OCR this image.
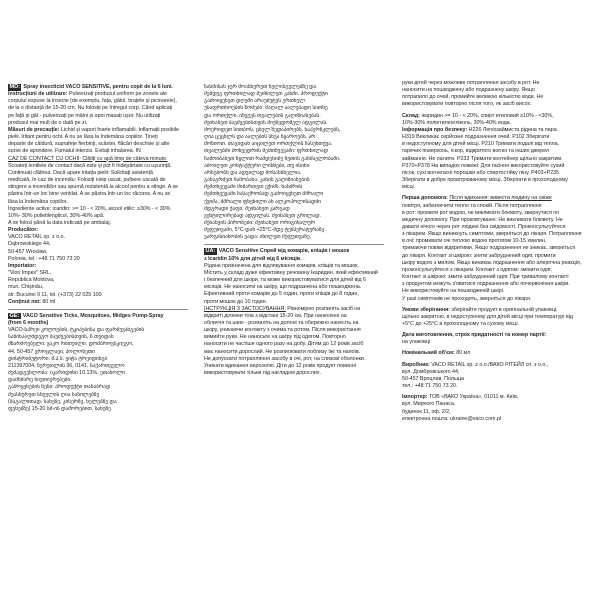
MD: Spray insecticid VACO SENSITIVE, pentru copii de la 6 luni.

Instrucțiuni de utilizare: Pulverizați produsul uniform pe zonele ale

corpului expuse la insecte (de exemplu, fața, gâtul, brațele și picioarele),
de la o distanță de 15-20 cm. Nu folosiți pe întregul corp. Când aplicați
pe față și gât - pulverizați pe mâini și apoi masați ușor. Nu utilizați
produsul mai mult de o dată pe zi.

Măsuri de precauție: Lichid și vapori foarte inflamabili. Inflamații posibile

pielii. Iritant pentru ochi. A nu se lăsa la îndemâna copiilor. Țineți
departe de căldură, suprafețe fierbinți, scântei, flăcări deschise și alte
surse de aprindere. Fumatul interzis. Evitați inhalarea. ÎN
CAZ DE CONTACT CU OCHII: Clătiți cu apă timp de câteva minute.
Scoateți lentilele de contact dacă este și pot fi îndepărtate cu ușurință.
Continuați clătirea. Dacă apare iritația pielii: Solicitați asistență
medicală. În caz de incendiu: Folosiți nisip uscat, pulbere uscată de
stingere a incendiilor sau spumă rezistentă la alcool pentru a stinge. A se
păstra într-un loc bine ventilat. A se păstra într-un loc răcoros. A nu se
lăsa la îndemâna copiilor.
Ingrediente active: icaridin: >= 10 - < 20%, alcool etilic: ≥30% - < 30%
10%- 30% polietilenglicol, 30%-40% apă.
A se folosi până la data indicată pe ambalaj.
Producător:
VACO RETAIL sp. z o.o.
Dąbrowskiego 44,
50-457 Wrocław,
Polonia, tel.: +48 71 750 73 20
Importator:
"Viori Impex" SRL,
Republica Moldova,
mun. Chișinău,
str. Bucuriei 9 11, tel. (+373) 22 025 100

Conținut net: 80 ml

GE: VACO Sensitive Ticks, Mosquitoes, Midges Pump-Spray

(from 6 months)
VACO-სპრეი კოღოების, ტკიპებისა და ფარშევანგების
საწინააღმდეგო ბავშვებისთვის, 6 თვიდან
მწარმოებელი: ვაკო რითეილი, დომბროვსკიეგო,
44, 50-457 ვროცლავი, პოლონეთი
დისტრიბუტორი: შ.პ.ს. ვიტა ტრეიდინგი
211397004, წერეთლის 36, 0141, საქართველო
შემადგენლობა: იკარიდინი 10.13%, ეთანოლი
დამხმარე ნივთიერებები.
გამოყენების წესი: პროდუქტი თანაბრად
შეასხურეთ სხეულის ღია ნაწილებზე
(მაგალითად, სახეზე, კისერზე, ხელებზე და
ფეხებზე) 15-20 სმ-ის დაშორებით. სახეზე
წასმისას ჯერ მოასხურეთ ხელისგულებზე და
შემდეგ ფრთხილად შეიზილეთ კანში. პროდუქტი
გამოიყენეთ დღეში არაუმეტეს ერთხელ.
უსაფრთხოების ზომები: მაღალ აალებადი სითხე
და ორთქლი. იწვევს თვალების გაღიზიანებას.
შეინახეთ ბავშვებისთვის მიუწვდომელ ადგილას.
მოერიდეთ სითბოს, ცხელ ზედაპირებს, ნაპერწკლებს,
ღია ცეცხლს და აალების სხვა წყაროებს. არ
მოწიოთ. თავიდან აიცილეთ ორთქლის ჩასუნთქვა.
თვალებში მოხვედრის შემთხვევაში: ფრთხილად
ჩამოიბანეთ წყლით რამდენიმე წუთის განმავლობაში.
ამოიღეთ კონტაქტური ლინზები, თუ ისინი
არსებობს და ადვილად მოსახსნელია.
განაგრძეთ ჩამობანა. კანის გაღიზიანების
შემთხვევაში მიმართეთ ექიმს. ხანძრის
შემთხვევაში ჩასაქრობად გამოიყენეთ მშრალი
ქვიშა, მშრალი ფხვნილი ან ალკოჰოლისადმი
მდგრადი ქაფი. შეინახეთ კარგად
ვენტილირებად ადგილას. შეინახეთ გრილად.
შენახვის პირობები: შეინახეთ ორიგინალურ
შეფუთვაში, 5°C-დან +25°C-მდე ტემპერატურაზე.
ვარგისიანობის ვადა: იხილეთ შეფუთვაზე.

UA: VACO Sensitive Спрей від комарів, кліщів і мошок

з Icaridin 10% для дітей від 6 місяців.
Рідина призначена для відлякування комарів, кліщів та мошок.
Містить у складі дуже ефективну речовину Ікаридин, який ефективний
і безпечний для шкіри, та може використовуватися для дітей від 6
місяців. Не наносити на шкіру, що подразнена або пошкоджена.
Ефективний проти комарів до 5 годин, проти кліщів до 8 годин,
проти мошок до 10 годин.

ІНСТРУКЦІЯ З ЗАСТОСУВАННЯ: Рівномірно розпиліть засіб на

відкриті ділянки тіла з відстані 15-20 см. При нанесенні на
обличчя та шию - розпиліть на долоні та обережно нанесіть на
шкіру, уникаючи контакту з очима та ротом. Після використання
вимийте руки. Не наносьте на шкіру під одягом. Повторно
наносити не частіше одного разу на добу. Дітям до 12 років засіб
має наносити дорослий. Не розпилювати поблизу їжі та напоїв.
Не допускати потрапляння засобу в очі, рот, на слизові оболонки.
Уникати вдихання аерозолю. Діти до 12 років продукт повинні
використовувати тільки під наглядом дорослих.
руки дітей через можливе потрапляння засобу в рот. Не
наносити на пошкоджену або подразнену шкіру. Якщо
потрапило до очей, промийте великою кількістю води. Не
використовувати повторно після того, як засіб висох.

Склад: ікаридин >= 10 - < 20%, спирт етиловий ≥10% - <30%,

10%-30% поліетиленгліколь, 30%-40% вода.

Інформація про безпеку: H226 Легкозаймиста рідина та пара.

H319 Викликає серйозне подразнення очей. P102 Зберігати
в недоступному для дітей місці. P210 Тримати подалі від тепла,
гарячих поверхонь, іскор, відкритого вогню та інших джерел
займання. Не палити. P233 Тримати контейнер щільно закритим.
P370+P378 На випадок пожежі: Для гасіння використовуйте сухий
пісок, сухі вогнегасні порошки або спиртостійку піну. P403+P235
Зберігати в добре провітрюваному місці. Зберігати в прохолодному
місці.

Перша допомога: Після вдихання: вивести людину на свіже

повітря, забезпечити тепло та спокій. Після потрапляння
в рот: промити рот водою, не викликати блювоту, звернутися по
медичну допомогу. При проковтуванні: Не викликати блювоту. Не
давати нічого через рот людині без свідомості. Проконсультуйтеся
з лікарем. Якщо виникнуть симптоми, зверніться до лікаря. Потрапляння
в очі: промивати очі теплою водою протягом 10-15 хвилин,
тримаючи повіки відкритими. Якщо подразнення не зникає, зверніться
до лікаря. Контакт зі шкірою: зняти забруднений одяг, промити
шкіру водою з милом. Якщо виникає подразнення або алергічна реакція,
проконсультуйтеся з лікарем. Контакт з одягом: змінити одяг.
Контакт зі шкірою: змити забруднений одяг. При тривалому контакті
з продуктом можуть з'явитися подразнення або почервоніння шкіри.
Не використовуйте на пошкодженій шкірі.
У разі симптомів не проходять, зверніться до лікаря.

Умови зберігання: зберігайте продукт в оригінальній упаковці,

щільно закритою, в недоступному для дітей місці при температурі від
+5°C до +25°C в прохолодному та сухому місці.
Дата виготовлення, строк придатності та номер партії:
на упаковці

Номінальний об'єм: 80 мл

Виробник: VACO RETAIL sp. z o.o./ВАКО РІТЕЙЛ сп. з о.о.,

вул. Домбровського 44,
50-457 Вроцлав, Польща
тел.: +48 71 750 73 20.

Імпортер: ТОВ «ВАКО Україна», 01011 м. Київ,

вул. Мирного Панаса,
будинок 11, оф. 2/2,
електронна пошта: ukraine@vaco.com.pl
